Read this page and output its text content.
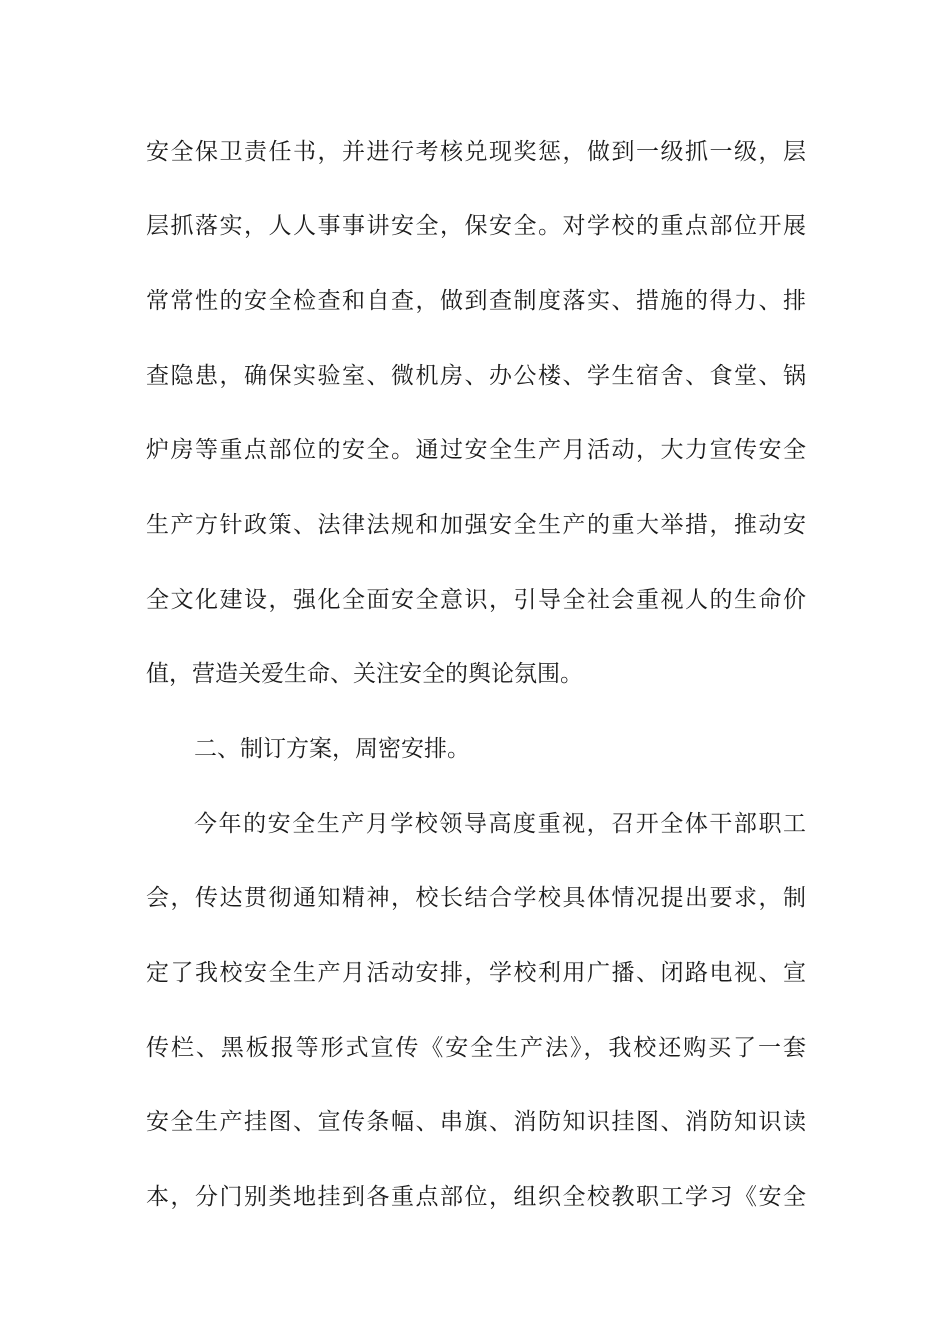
安全保卫责任书，并进行考核兑现奖惩，做到一级抓一级，层
层抓落实，人人事事讲安全，保安全。对学校的重点部位开展
常常性的安全检查和自查，做到查制度落实、措施的得力、排
查隐患，确保实验室、微机房、办公楼、学生宿舍、食堂、锅
炉房等重点部位的安全。通过安全生产月活动，大力宣传安全
生产方针政策、法律法规和加强安全生产的重大举措，推动安
全文化建设，强化全面安全意识，引导全社会重视人的生命价
值，营造关爱生命、关注安全的舆论氛围。
二、制订方案，周密安排。
今年的安全生产月学校领导高度重视，召开全体干部职工
会，传达贯彻通知精神，校长结合学校具体情况提出要求，制
定了我校安全生产月活动安排，学校利用广播、闭路电视、宣
传栏、黑板报等形式宣传《安全生产法》，我校还购买了一套
安全生产挂图、宣传条幅、串旗、消防知识挂图、消防知识读
本，分门别类地挂到各重点部位，组织全校教职工学习《安全
